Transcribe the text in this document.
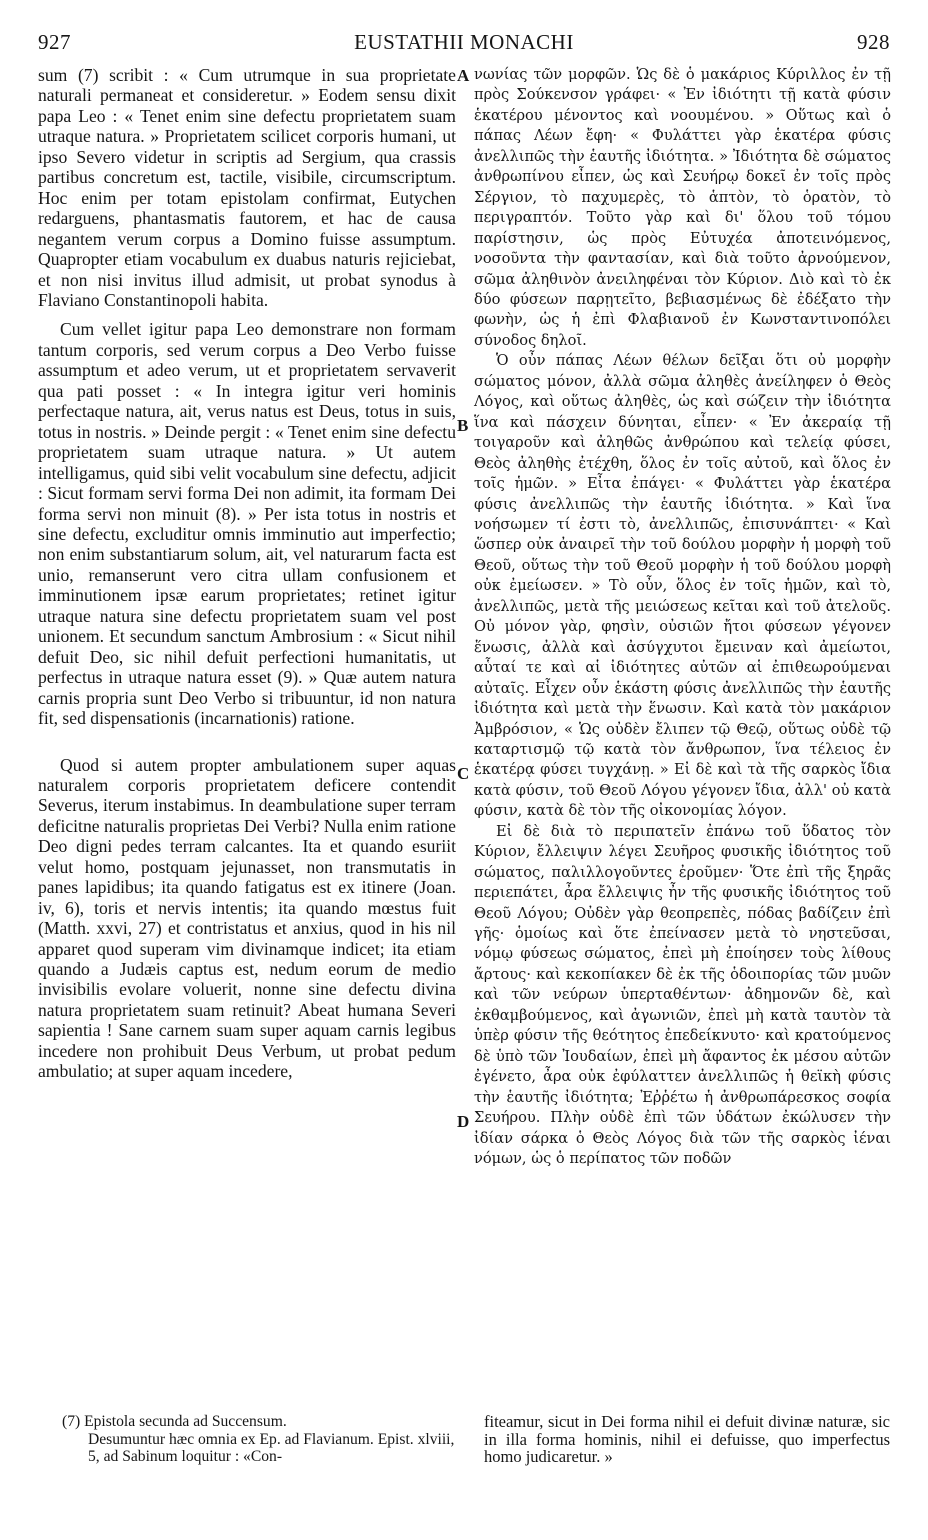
927	EUSTATHII MONACHI	928

sum (7) scribit : « Cum utrumque in sua proprietate naturali permaneat et consideretur. » Eodem sensu dixit papa Leo : « Tenet enim sine defectu proprietatem suam utraque natura. » Proprietatem scilicet corporis humani, ut ipso Severo videtur in scriptis ad Sergium, qua crassis partibus concretum est, tactile, visibile, circumscriptum. Hoc enim per totam epistolam confirmat, Eutychen redarguens, phantasmatis fautorem, et hac de causa negantem verum corpus a Domino fuisse assumptum. Quapropter etiam vocabulum ex duabus naturis rejiciebat, et non nisi invitus illud admisit, ut probat synodus à Flaviano Constantinopoli habita.

Cum vellet igitur papa Leo demonstrare non formam tantum corporis, sed verum corpus a Deo Verbo fuisse assumptum et adeo verum, ut et proprietatem servaverit qua pati posset : « In integra igitur veri hominis perfectaque natura, ait, verus natus est Deus, totus in suis, totus in nostris. » Deinde pergit : « Tenet enim sine defectu proprietatem suam utraque natura. » Ut autem intelligamus, quid sibi velit vocabulum sine defectu, adjicit : Sicut formam servi forma Dei non adimit, ita formam Dei forma servi non minuit (8). » Per ista totus in nostris et sine defectu, excluditur omnis imminutio aut imperfectio; non enim substantiarum solum, ait, vel naturarum facta est unio, remanserunt vero citra ullam confusionem et imminutionem ipsæ earum proprietates; retinet igitur utraque natura sine defectu proprietatem suam vel post unionem. Et secundum sanctum Ambrosium : « Sicut nihil defuit Deo, sic nihil defuit perfectioni humanitatis, ut perfectus in utraque natura esset (9). » Quæ autem natura carnis propria sunt Deo Verbo si tribuuntur, id non natura fit, sed dispensationis (incarnationis) ratione.

Quod si autem propter ambulationem super aquas naturalem corporis proprietatem deficere contendit Severus, iterum instabimus. In deambulatione super terram deficitne naturalis proprietas Dei Verbi? Nulla enim ratione Deo digni pedes terram calcantes. Ita et quando esuriit velut homo, postquam jejunasset, non transmutatis in panes lapidibus; ita quando fatigatus est ex itinere (Joan. iv, 6), toris et nervis intentis; ita quando mœstus fuit (Matth. xxvi, 27) et contristatus et anxius, quod in his nil apparet quod superam vim divinamque indicet; ita etiam quando a Judæis captus est, nedum eorum de medio invisibilis evolare voluerit, nonne sine defectu divina natura proprietatem suam retinuit? Abeat humana Severi sapientia ! Sane carnem suam super aquam carnis legibus incedere non prohibuit Deus Verbum, ut probat pedum ambulatio; at super aquam incedere,

A
B
C
D

νωνίας τῶν μορφῶν. Ὡς δὲ ὁ μακάριος Κύριλλος ἐν τῇ πρὸς Σούκενσον γράφει· « Ἐν ἰδιότητι τῇ κατὰ φύσιν ἑκατέρου μένοντος καὶ νοουμένου. » Οὕτως καὶ ὁ πάπας Λέων ἔφη· « Φυλάττει γὰρ ἑκατέρα φύσις ἀνελλιπῶς τὴν ἑαυτῆς ἰδιότητα. » Ἰδιότητα δὲ σώματος ἀνθρωπίνου εἶπεν, ὡς καὶ Σευήρῳ δοκεῖ ἐν τοῖς πρὸς Σέργιον, τὸ παχυμερὲς, τὸ ἁπτὸν, τὸ ὁρατὸν, τὸ περιγραπτόν. Τοῦτο γὰρ καὶ δι' ὅλου τοῦ τόμου παρίστησιν, ὡς πρὸς Εὐτυχέα ἀποτεινόμενος, νοσοῦντα τὴν φαντασίαν, καὶ διὰ τοῦτο ἀρνούμενον, σῶμα ἀληθινὸν ἀνειληφέναι τὸν Κύριον. Διὸ καὶ τὸ ἐκ δύο φύσεων παρῃτεῖτο, βεβιασμένως δὲ ἐδέξατο τὴν φωνὴν, ὡς ἡ ἐπὶ Φλαβιανοῦ ἐν Κωνσταντινοπόλει σύνοδος δηλοῖ.

Ὁ οὖν πάπας Λέων θέλων δεῖξαι ὅτι οὐ μορφὴν σώματος μόνον, ἀλλὰ σῶμα ἀληθὲς ἀνείληφεν ὁ Θεὸς Λόγος, καὶ οὕτως ἀληθὲς, ὡς καὶ σώζειν τὴν ἰδιότητα ἵνα καὶ πάσχειν δύνηται, εἶπεν· « Ἐν ἀκεραίᾳ τῇ τοιγαροῦν καὶ ἀληθῶς ἀνθρώπου καὶ τελείᾳ φύσει, Θεὸς ἀληθὴς ἐτέχθη, ὅλος ἐν τοῖς αὐτοῦ, καὶ ὅλος ἐν τοῖς ἡμῶν. » Εἶτα ἐπάγει· « Φυλάττει γὰρ ἑκατέρα φύσις ἀνελλιπῶς τὴν ἑαυτῆς ἰδιότητα. » Καὶ ἵνα νοήσωμεν τί ἐστι τὸ, ἀνελλιπῶς, ἐπισυνάπτει· « Καὶ ὥσπερ οὐκ ἀναιρεῖ τὴν τοῦ δούλου μορφὴν ἡ μορφὴ τοῦ Θεοῦ, οὕτως τὴν τοῦ Θεοῦ μορφὴν ἡ τοῦ δούλου μορφὴ οὐκ ἐμείωσεν. » Τὸ οὖν, ὅλος ἐν τοῖς ἡμῶν, καὶ τὸ, ἀνελλιπῶς, μετὰ τῆς μειώσεως κεῖται καὶ τοῦ ἀτελοῦς. Οὐ μόνον γὰρ, φησὶν, οὐσιῶν ἤτοι φύσεων γέγονεν ἕνωσις, ἀλλὰ καὶ ἀσύγχυτοι ἔμειναν καὶ ἀμείωτοι, αὗταί τε καὶ αἱ ἰδιότητες αὐτῶν αἱ ἐπιθεωρούμεναι αὐταῖς. Εἶχεν οὖν ἑκάστη φύσις ἀνελλιπῶς τὴν ἑαυτῆς ἰδιότητα καὶ μετὰ τὴν ἕνωσιν. Καὶ κατὰ τὸν μακάριον Ἀμβρόσιον, « Ὡς οὐδὲν ἔλιπεν τῷ Θεῷ, οὕτως οὐδὲ τῷ καταρτισμῷ τῷ κατὰ τὸν ἄνθρωπον, ἵνα τέλειος ἐν ἑκατέρᾳ φύσει τυγχάνῃ. » Εἰ δὲ καὶ τὰ τῆς σαρκὸς ἴδια κατὰ φύσιν, τοῦ Θεοῦ Λόγου γέγονεν ἴδια, ἀλλ' οὐ κατὰ φύσιν, κατὰ δὲ τὸν τῆς οἰκονομίας λόγον.

Εἰ δὲ διὰ τὸ περιπατεῖν ἐπάνω τοῦ ὕδατος τὸν Κύριον, ἔλλειψιν λέγει Σευῆρος φυσικῆς ἰδιότητος τοῦ σώματος, παλιλλογοῦντες ἐροῦμεν· Ὅτε ἐπὶ τῆς ξηρᾶς περιεπάτει, ἆρα ἔλλειψις ἦν τῆς φυσικῆς ἰδιότητος τοῦ Θεοῦ Λόγου; Οὐδὲν γὰρ θεοπρεπὲς, πόδας βαδίζειν ἐπὶ γῆς· ὁμοίως καὶ ὅτε ἐπείνασεν μετὰ τὸ νηστεῦσαι, νόμῳ φύσεως σώματος, ἐπεὶ μὴ ἐποίησεν τοὺς λίθους ἄρτους· καὶ κεκοπίακεν δὲ ἐκ τῆς ὁδοιπορίας τῶν μυῶν καὶ τῶν νεύρων ὑπερταθέντων· ἀδημονῶν δὲ, καὶ ἐκθαμβούμενος, καὶ ἀγωνιῶν, ἐπεὶ μὴ κατὰ ταυτὸν τὰ ὑπὲρ φύσιν τῆς θεότητος ἐπεδείκνυτο· καὶ κρατούμενος δὲ ὑπὸ τῶν Ἰουδαίων, ἐπεὶ μὴ ἄφαντος ἐκ μέσου αὐτῶν ἐγένετο, ἆρα οὐκ ἐφύλαττεν ἀνελλιπῶς ἡ θεϊκὴ φύσις τὴν ἑαυτῆς ἰδιότητα; Ἐῤῥέτω ἡ ἀνθρωπάρεσκος σοφία Σευήρου. Πλὴν οὐδὲ ἐπὶ τῶν ὑδάτων ἐκώλυσεν τὴν ἰδίαν σάρκα ὁ Θεὸς Λόγος διὰ τῶν τῆς σαρκὸς ἰέναι νόμων, ὡς ὁ περίπατος τῶν ποδῶν

(7) Epistola secunda ad Succensum.

Desumuntur hæc omnia ex Ep. ad Flavianum. Epist. xlviii, 5, ad Sabinum loquitur : «Con-

fiteamur, sicut in Dei forma nihil ei defuit divinæ naturæ, sic in illa forma hominis, nihil ei defuisse, quo imperfectus homo judicaretur. »
